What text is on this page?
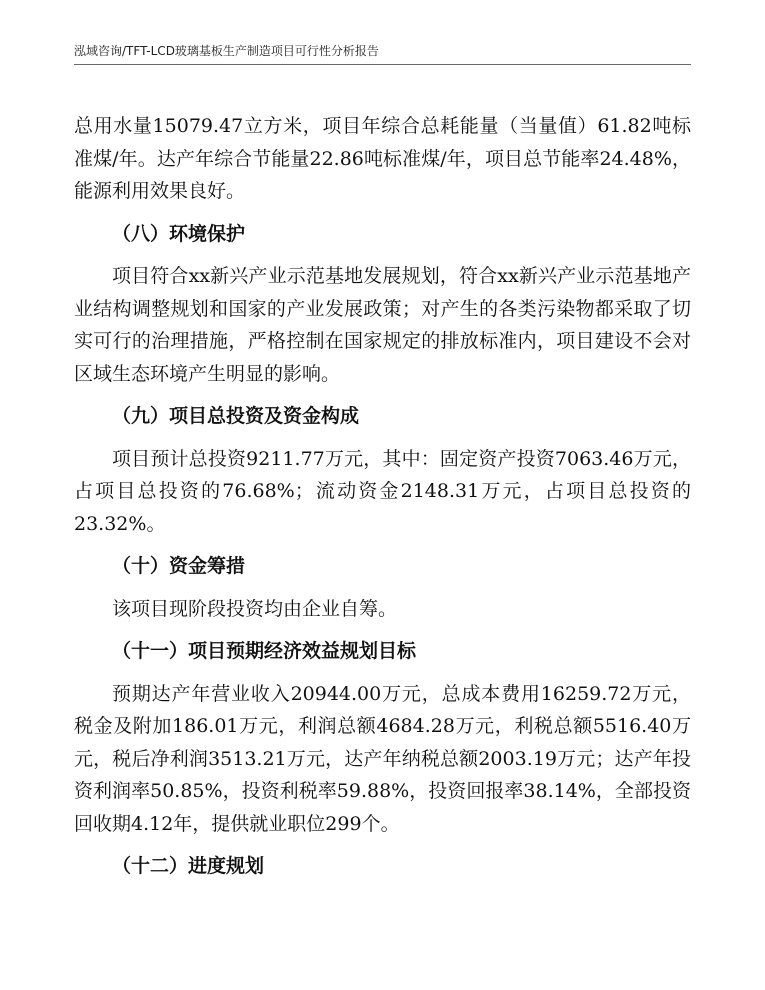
泓域咨询/TFT-LCD玻璃基板生产制造项目可行性分析报告

总用水量15079.47立方米，项目年综合总耗能量（当量值）61.82吨标准煤/年。达产年综合节能量22.86吨标准煤/年，项目总节能率24.48%，能源利用效果良好。

（八）环境保护

项目符合xx新兴产业示范基地发展规划，符合xx新兴产业示范基地产业结构调整规划和国家的产业发展政策；对产生的各类污染物都采取了切实可行的治理措施，严格控制在国家规定的排放标准内，项目建设不会对区域生态环境产生明显的影响。

（九）项目总投资及资金构成

项目预计总投资9211.77万元，其中：固定资产投资7063.46万元，占项目总投资的76.68%；流动资金2148.31万元，占项目总投资的23.32%。

（十）资金筹措

该项目现阶段投资均由企业自筹。

（十一）项目预期经济效益规划目标

预期达产年营业收入20944.00万元，总成本费用16259.72万元，税金及附加186.01万元，利润总额4684.28万元，利税总额5516.40万元，税后净利润3513.21万元，达产年纳税总额2003.19万元；达产年投资利润率50.85%，投资利税率59.88%，投资回报率38.14%，全部投资回收期4.12年，提供就业职位299个。

（十二）进度规划
